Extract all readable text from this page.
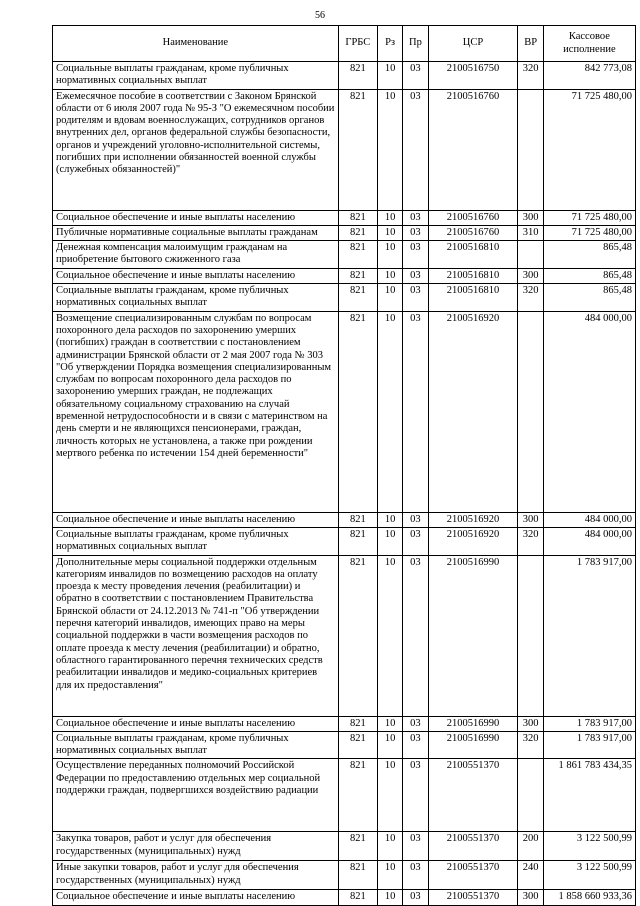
56
Наименование	ГРБС	Рз	Пр	ЦСР	ВР	Кассовое исполнение
Социальные выплаты гражданам, кроме публичных нормативных социальных выплат	821	10	03	2100516750	320	842 773,08
Ежемесячное пособие в соответствии с Законом Брянской области от 6 июля 2007 года № 95-З "О ежемесячном пособии родителям и вдовам военнослужащих, сотрудников органов внутренних дел, органов федеральной службы безопасности, органов и учреждений уголовно-исполнительной системы, погибших при исполнении обязанностей военной службы (служебных обязанностей)"	821	10	03	2100516760		71 725 480,00
Социальное обеспечение и иные выплаты населению	821	10	03	2100516760	300	71 725 480,00
Публичные нормативные социальные выплаты гражданам	821	10	03	2100516760	310	71 725 480,00
Денежная компенсация малоимущим гражданам на приобретение бытового сжиженного газа	821	10	03	2100516810		865,48
Социальное обеспечение и иные выплаты населению	821	10	03	2100516810	300	865,48
Социальные выплаты гражданам, кроме публичных нормативных социальных выплат	821	10	03	2100516810	320	865,48
Возмещение специализированным службам по вопросам похоронного дела расходов по захоронению умерших (погибших) граждан в соответствии с постановлением администрации Брянской области от 2 мая 2007 года № 303 "Об утверждении Порядка возмещения специализированным службам по вопросам похоронного дела расходов по захоронению умерших граждан, не подлежащих обязательному социальному страхованию на случай временной нетрудоспособности и в связи с материнством на день смерти и не являющихся пенсионерами, граждан, личность которых не установлена, а также при рождении мертвого ребенка по истечении 154 дней беременности"	821	10	03	2100516920		484 000,00
Социальное обеспечение и иные выплаты населению	821	10	03	2100516920	300	484 000,00
Социальные выплаты гражданам, кроме публичных нормативных социальных выплат	821	10	03	2100516920	320	484 000,00
Дополнительные меры социальной поддержки отдельным категориям инвалидов по возмещению расходов на оплату проезда к месту проведения лечения (реабилитации) и обратно в соответствии с постановлением Правительства Брянской области от 24.12.2013 № 741-п "Об утверждении перечня категорий инвалидов, имеющих право на меры социальной поддержки в части возмещения расходов по оплате проезда к месту лечения (реабилитации) и обратно, областного гарантированного перечня технических средств реабилитации инвалидов и медико-социальных критериев для их предоставления"	821	10	03	2100516990		1 783 917,00
Социальное обеспечение и иные выплаты населению	821	10	03	2100516990	300	1 783 917,00
Социальные выплаты гражданам, кроме публичных нормативных социальных выплат	821	10	03	2100516990	320	1 783 917,00
Осуществление переданных полномочий Российской Федерации по предоставлению отдельных мер социальной поддержки граждан, подвергшихся воздействию радиации	821	10	03	2100551370		1 861 783 434,35
Закупка товаров, работ и услуг для обеспечения государственных (муниципальных) нужд	821	10	03	2100551370	200	3 122 500,99
Иные закупки товаров, работ и услуг для обеспечения государственных (муниципальных) нужд	821	10	03	2100551370	240	3 122 500,99
Социальное обеспечение и иные выплаты населению	821	10	03	2100551370	300	1 858 660 933,36
